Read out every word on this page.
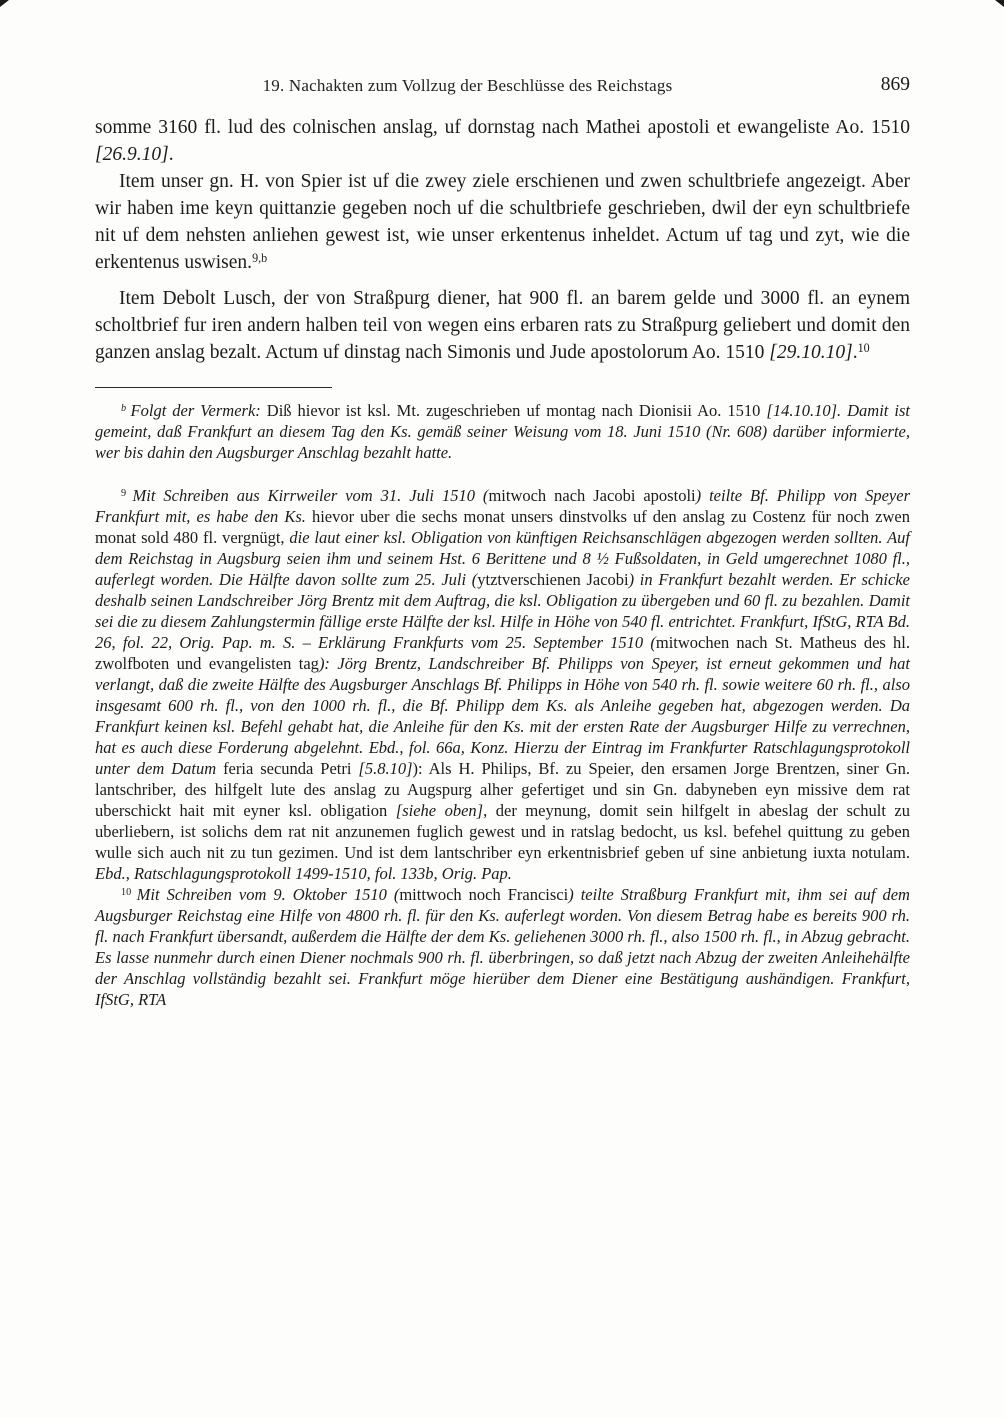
19. Nachakten zum Vollzug der Beschlüsse des Reichstags	869

somme 3160 fl. lud des colnischen anslag, uf dornstag nach Mathei apostoli et ewangeliste Ao. 1510 [26.9.10].

Item unser gn. H. von Spier ist uf die zwey ziele erschienen und zwen schultbriefe angezeigt. Aber wir haben ime keyn quittanzie gegeben noch uf die schultbriefe geschrieben, dwil der eyn schultbriefe nit uf dem nehsten anliehen gewest ist, wie unser erkentenus inheldet. Actum uf tag und zyt, wie die erkentenus uswisen.$^{9,b}$

Item Debolt Lusch, der von Straßpurg diener, hat 900 fl. an barem gelde und 3000 fl. an eynem scholtbrief fur iren andern halben teil von wegen eins erbaren rats zu Straßpurg geliebert und domit den ganzen anslag bezalt. Actum uf dinstag nach Simonis und Jude apostolorum Ao. 1510 [29.10.10].$^{10}$

$^b$ Folgt der Vermerk: Diß hievor ist ksl. Mt. zugeschrieben uf montag nach Dionisii Ao. 1510 [14.10.10]. Damit ist gemeint, daß Frankfurt an diesem Tag den Ks. gemäß seiner Weisung vom 18. Juni 1510 (Nr. 608) darüber informierte, wer bis dahin den Augsburger Anschlag bezahlt hatte.

$^9$ Mit Schreiben aus Kirrweiler vom 31. Juli 1510 (mitwoch nach Jacobi apostoli) teilte Bf. Philipp von Speyer Frankfurt mit, es habe den Ks. hievor uber die sechs monat unsers dinstvolks uf den anslag zu Costenz für noch zwen monat sold 480 fl. vergnügt, die laut einer ksl. Obligation von künftigen Reichsanschlägen abgezogen werden sollten. Auf dem Reichstag in Augsburg seien ihm und seinem Hst. 6 Berittene und 8 ½ Fußsoldaten, in Geld umgerechnet 1080 fl., auferlegt worden. Die Hälfte davon sollte zum 25. Juli (ytztverschienen Jacobi) in Frankfurt bezahlt werden. Er schicke deshalb seinen Landschreiber Jörg Brentz mit dem Auftrag, die ksl. Obligation zu übergeben und 60 fl. zu bezahlen. Damit sei die zu diesem Zahlungstermin fällige erste Hälfte der ksl. Hilfe in Höhe von 540 fl. entrichtet. Frankfurt, IfStG, RTA Bd. 26, fol. 22, Orig. Pap. m. S. – Erklärung Frankfurts vom 25. September 1510 (mitwochen nach St. Matheus des hl. zwolfboten und evangelisten tag): Jörg Brentz, Landschreiber Bf. Philipps von Speyer, ist erneut gekommen und hat verlangt, daß die zweite Hälfte des Augsburger Anschlags Bf. Philipps in Höhe von 540 rh. fl. sowie weitere 60 rh. fl., also insgesamt 600 rh. fl., von den 1000 rh. fl., die Bf. Philipp dem Ks. als Anleihe gegeben hat, abgezogen werden. Da Frankfurt keinen ksl. Befehl gehabt hat, die Anleihe für den Ks. mit der ersten Rate der Augsburger Hilfe zu verrechnen, hat es auch diese Forderung abgelehnt. Ebd., fol. 66a, Konz. Hierzu der Eintrag im Frankfurter Ratschlagungsprotokoll unter dem Datum feria secunda Petri [5.8.10]): Als H. Philips, Bf. zu Speier, den ersamen Jorge Brentzen, siner Gn. lantschriber, des hilfgelt lute des anslag zu Augspurg alher gefertiget und sin Gn. dabyneben eyn missive dem rat uberschickt hait mit eyner ksl. obligation [siehe oben], der meynung, domit sein hilfgelt in abeslag der schult zu uberliebern, ist solichs dem rat nit anzunemen fuglich gewest und in ratslag bedocht, us ksl. befehel quittung zu geben wulle sich auch nit zu tun gezimen. Und ist dem lantschriber eyn erkentnisbrief geben uf sine anbietung iuxta notulam. Ebd., Ratschlagungsprotokoll 1499-1510, fol. 133b, Orig. Pap.

$^{10}$ Mit Schreiben vom 9. Oktober 1510 (mittwoch noch Francisci) teilte Straßburg Frankfurt mit, ihm sei auf dem Augsburger Reichstag eine Hilfe von 4800 rh. fl. für den Ks. auferlegt worden. Von diesem Betrag habe es bereits 900 rh. fl. nach Frankfurt übersandt, außerdem die Hälfte der dem Ks. geliehenen 3000 rh. fl., also 1500 rh. fl., in Abzug gebracht. Es lasse nunmehr durch einen Diener nochmals 900 rh. fl. überbringen, so daß jetzt nach Abzug der zweiten Anleihehälfte der Anschlag vollständig bezahlt sei. Frankfurt möge hierüber dem Diener eine Bestätigung aushändigen. Frankfurt, IfStG, RTA
